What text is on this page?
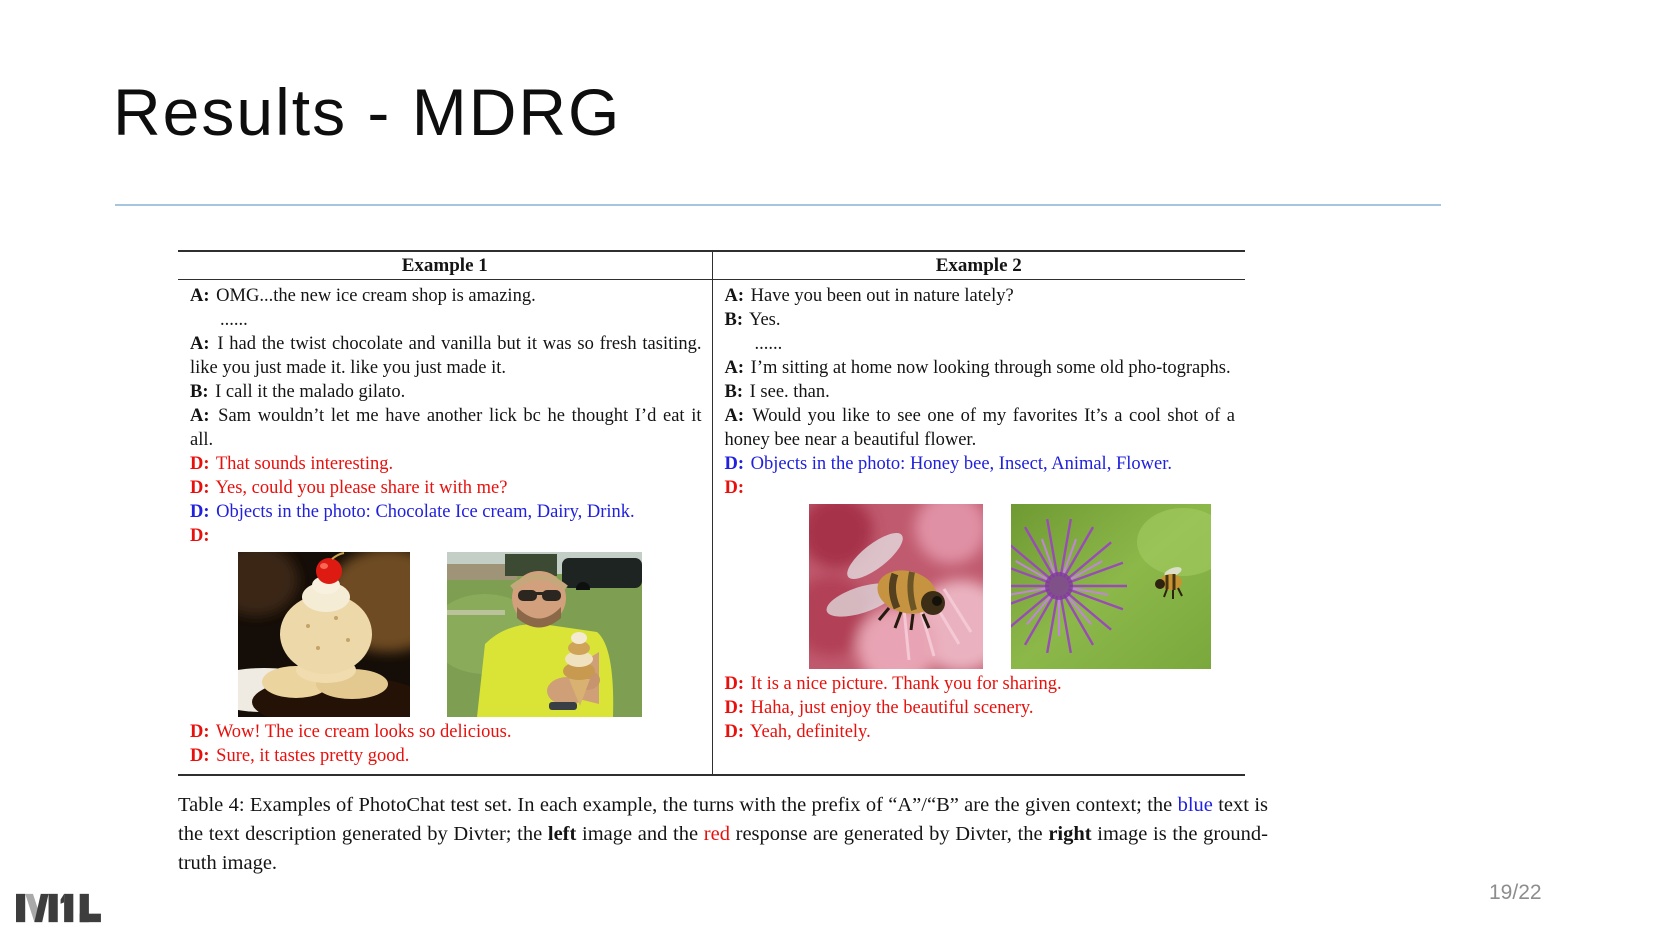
Results - MDRG
Example 1	Example 2
A: OMG...the new ice cream shop is amazing.
......
A: I had the twist chocolate and vanilla but it was so fresh tasiting. like you just made it. like you just made it.
B: I call it the malado gilato.
A: Sam wouldn’t let me have another lick bc he thought I’d eat it all.
D: That sounds interesting.
D: Yes, could you please share it with me?
D: Objects in the photo: Chocolate Ice cream, Dairy, Drink.
D:
D: Wow! The ice cream looks so delicious.
D: Sure, it tastes pretty good.
A: Have you been out in nature lately?
B: Yes.
......
A: I’m sitting at home now looking through some old pho-tographs.
B: I see. than.
A: Would you like to see one of my favorites It’s a cool shot of a honey bee near a beautiful flower.
D: Objects in the photo: Honey bee, Insect, Animal, Flower.
D:
D: It is a nice picture. Thank you for sharing.
D: Haha, just enjoy the beautiful scenery.
D: Yeah, definitely.

Table 4: Examples of PhotoChat test set. In each example, the turns with the prefix of “A”/“B” are the given context; the blue text is the text description generated by Divter; the left image and the red response are generated by Divter, the right image is the ground-truth image.

19/22
